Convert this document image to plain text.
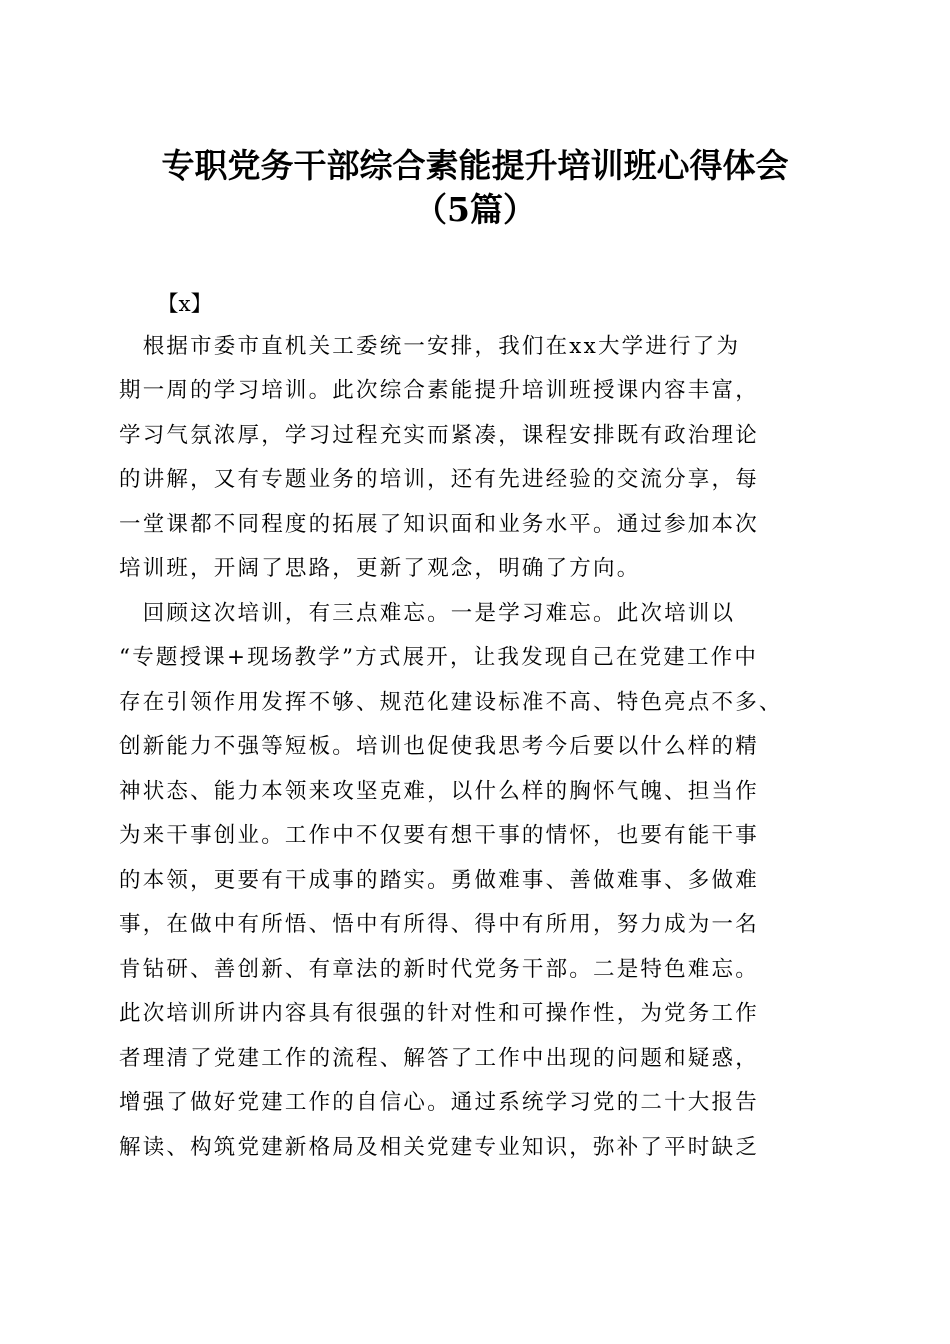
专职党务干部综合素能提升培训班心得体会
（5篇）
【x】
　根据市委市直机关工委统一安排，我们在xx大学进行了为
期一周的学习培训。此次综合素能提升培训班授课内容丰富，
学习气氛浓厚，学习过程充实而紧凑，课程安排既有政治理论
的讲解，又有专题业务的培训，还有先进经验的交流分享，每
一堂课都不同程度的拓展了知识面和业务水平。通过参加本次
培训班，开阔了思路，更新了观念，明确了方向。
　回顾这次培训，有三点难忘。一是学习难忘。此次培训以
“专题授课+现场教学”方式展开，让我发现自己在党建工作中
存在引领作用发挥不够、规范化建设标准不高、特色亮点不多、
创新能力不强等短板。培训也促使我思考今后要以什么样的精
神状态、能力本领来攻坚克难，以什么样的胸怀气魄、担当作
为来干事创业。工作中不仅要有想干事的情怀，也要有能干事
的本领，更要有干成事的踏实。勇做难事、善做难事、多做难
事，在做中有所悟、悟中有所得、得中有所用，努力成为一名
肯钻研、善创新、有章法的新时代党务干部。二是特色难忘。
此次培训所讲内容具有很强的针对性和可操作性，为党务工作
者理清了党建工作的流程、解答了工作中出现的问题和疑惑，
增强了做好党建工作的自信心。通过系统学习党的二十大报告
解读、构筑党建新格局及相关党建专业知识，弥补了平时缺乏
